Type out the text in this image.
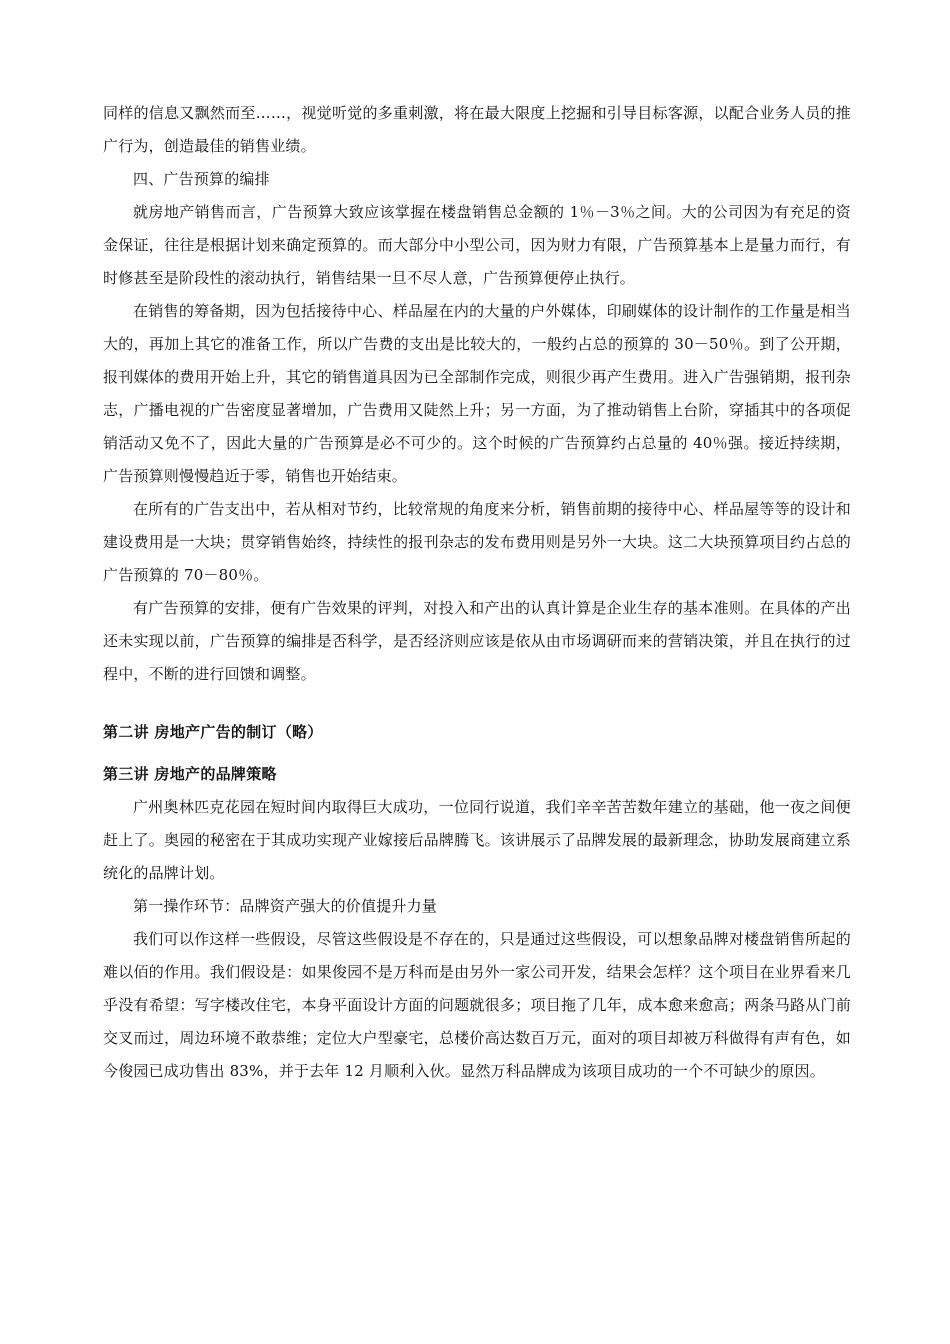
同样的信息又飘然而至……，视觉听觉的多重刺激，将在最大限度上挖掘和引导目标客源，以配合业务人员的推广行为，创造最佳的销售业绩。

四、广告预算的编排

就房地产销售而言，广告预算大致应该掌握在楼盘销售总金额的 1％－3％之间。大的公司因为有充足的资金保证，往往是根据计划来确定预算的。而大部分中小型公司，因为财力有限，广告预算基本上是量力而行，有时修甚至是阶段性的滚动执行，销售结果一旦不尽人意，广告预算便停止执行。

在销售的筹备期，因为包括接待中心、样品屋在内的大量的户外媒体，印刷媒体的设计制作的工作量是相当大的，再加上其它的准备工作，所以广告费的支出是比较大的，一般约占总的预算的 30－50％。到了公开期，报刊媒体的费用开始上升，其它的销售道具因为已全部制作完成，则很少再产生费用。进入广告强销期，报刊杂志，广播电视的广告密度显著增加，广告费用又陡然上升；另一方面，为了推动销售上台阶，穿插其中的各项促销活动又免不了，因此大量的广告预算是必不可少的。这个时候的广告预算约占总量的 40％强。接近持续期，广告预算则慢慢趋近于零，销售也开始结束。

在所有的广告支出中，若从相对节约，比较常规的角度来分析，销售前期的接待中心、样品屋等等的设计和建设费用是一大块；贯穿销售始终，持续性的报刊杂志的发布费用则是另外一大块。这二大块预算项目约占总的广告预算的 70－80％。

有广告预算的安排，便有广告效果的评判，对投入和产出的认真计算是企业生存的基本准则。在具体的产出还未实现以前，广告预算的编排是否科学，是否经济则应该是依从由市场调研而来的营销决策，并且在执行的过程中，不断的进行回馈和调整。

第二讲 房地产广告的制订（略）
第三讲 房地产的品牌策略

广州奥林匹克花园在短时间内取得巨大成功，一位同行说道，我们辛辛苦苦数年建立的基础，他一夜之间便赶上了。奥园的秘密在于其成功实现产业嫁接后品牌腾飞。该讲展示了品牌发展的最新理念，协助发展商建立系统化的品牌计划。

第一操作环节：品牌资产强大的价值提升力量

我们可以作这样一些假设，尽管这些假设是不存在的，只是通过这些假设，可以想象品牌对楼盘销售所起的难以佰的作用。我们假设是：如果俊园不是万科而是由另外一家公司开发，结果会怎样？这个项目在业界看来几乎没有希望：写字楼改住宅，本身平面设计方面的问题就很多；项目拖了几年，成本愈来愈高；两条马路从门前交叉而过，周边环境不敢恭维；定位大户型豪宅，总楼价高达数百万元，面对的项目却被万科做得有声有色，如今俊园已成功售出 83%，并于去年 12 月顺利入伙。显然万科品牌成为该项目成功的一个不可缺少的原因。
